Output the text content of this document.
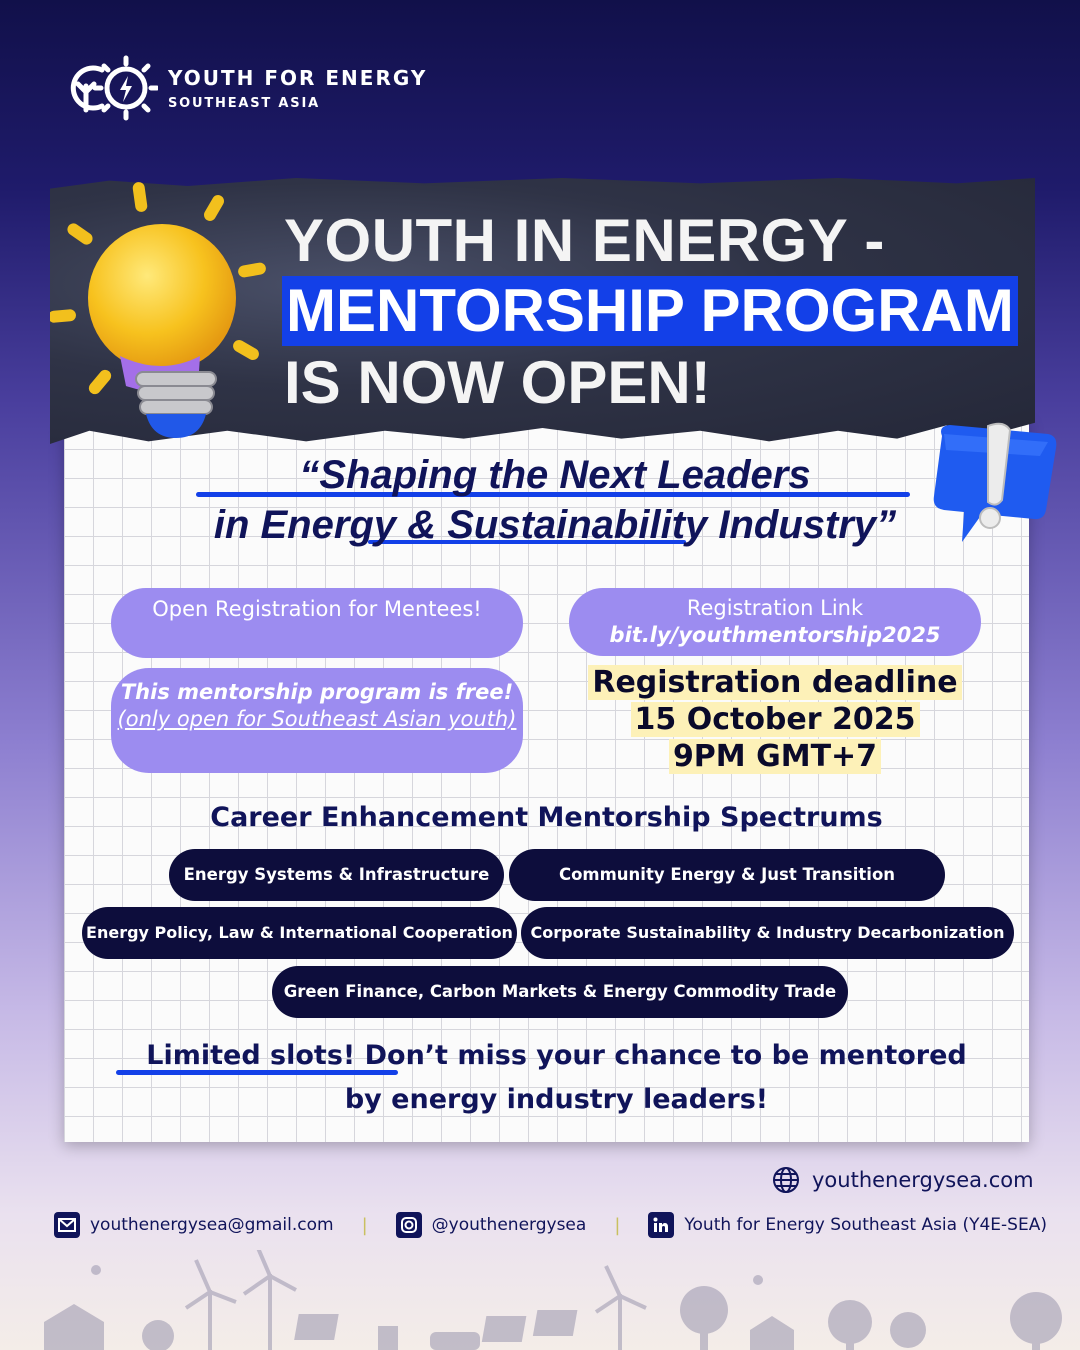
YOUTH FOR ENERGY
SOUTHEAST ASIA
YOUTH IN ENERGY -
MENTORSHIP PROGRAM
IS NOW OPEN!
“Shaping the Next Leaders
in Energy & Sustainability Industry”
Open Registration for Mentees!	Registration Link
bit.ly/youthmentorship2025
This mentorship program is free! (only open for Southeast Asian youth)
Registration deadline
15 October 2025
9PM GMT+7
Career Enhancement Mentorship Spectrums
Energy Systems & Infrastructure	Community Energy & Just Transition
Energy Policy, Law & International Cooperation	Corporate Sustainability & Industry Decarbonization
Green Finance, Carbon Markets & Energy Commodity Trade
Limited slots! Don’t miss your chance to be mentored
by energy industry leaders!
youthenergysea.com
youthenergysea@gmail.com |	@youthenergysea |	Youth for Energy Southeast Asia (Y4E-SEA)
